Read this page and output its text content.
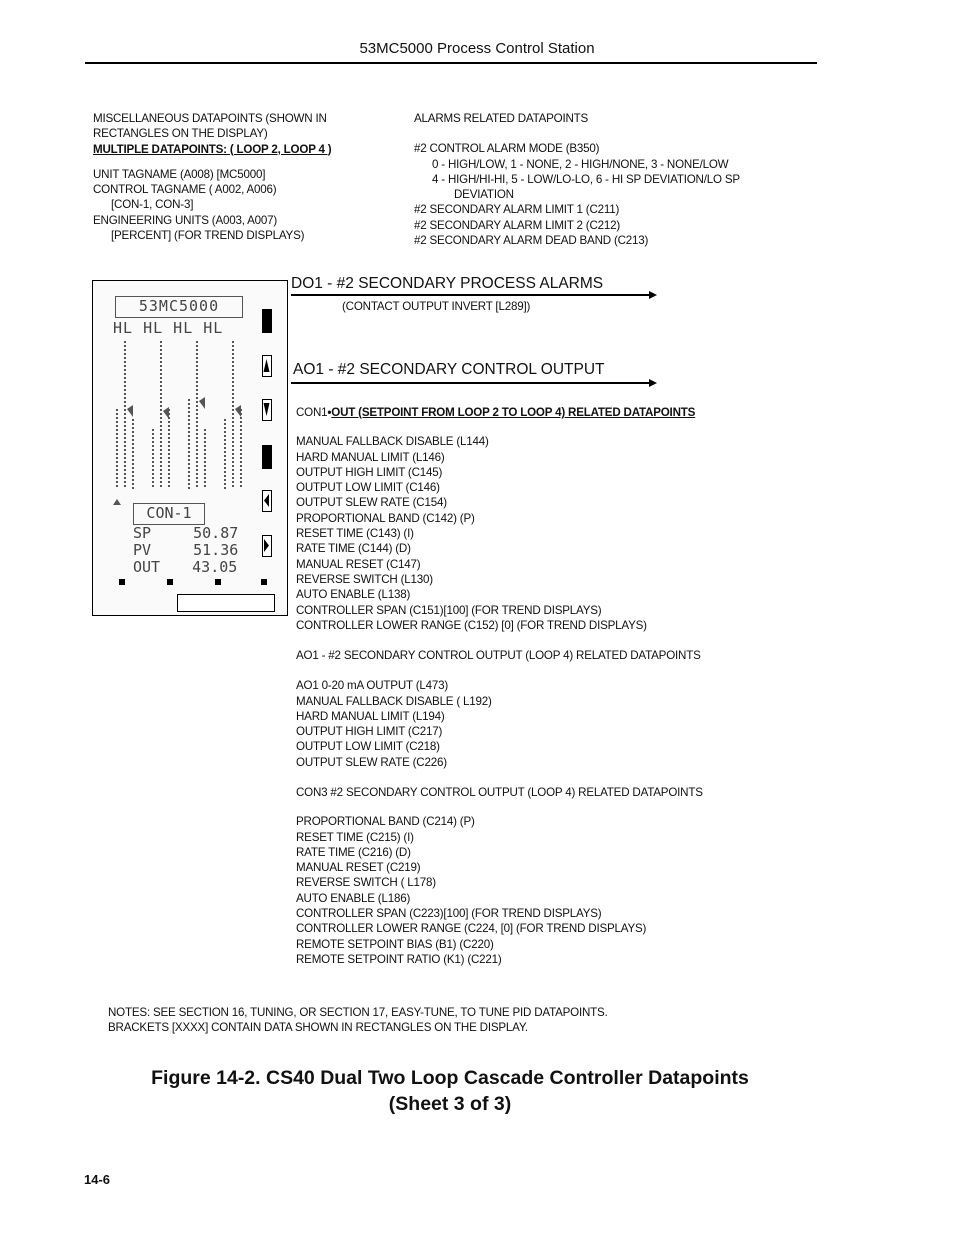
53MC5000 Process Control Station
MISCELLANEOUS DATAPOINTS (SHOWN IN
RECTANGLES ON THE DISPLAY)
MULTIPLE DATAPOINTS: ( LOOP 2, LOOP 4 )
UNIT TAGNAME (A008) [MC5000]
CONTROL TAGNAME ( A002, A006)
[CON-1, CON-3]
ENGINEERING UNITS (A003, A007)
[PERCENT] (FOR TREND DISPLAYS)
ALARMS RELATED DATAPOINTS
#2 CONTROL ALARM MODE (B350)
0 - HIGH/LOW, 1 - NONE, 2 - HIGH/NONE, 3 - NONE/LOW
4 - HIGH/HI-HI, 5 - LOW/LO-LO, 6 - HI SP DEVIATION/LO SP
DEVIATION
#2 SECONDARY ALARM LIMIT 1 (C211)
#2 SECONDARY ALARM LIMIT 2 (C212)
#2 SECONDARY ALARM DEAD BAND (C213)
53MC5000
HL HL HL HL
CON-1
SP	50.87
PV	51.36
OUT 43.05
DO1 - #2 SECONDARY PROCESS ALARMS
(CONTACT OUTPUT INVERT [L289])
AO1 - #2 SECONDARY CONTROL OUTPUT
CON1•OUT (SETPOINT FROM LOOP 2 TO LOOP 4) RELATED DATAPOINTS
MANUAL FALLBACK DISABLE (L144)
HARD MANUAL LIMIT (L146)
OUTPUT HIGH LIMIT (C145)
OUTPUT LOW LIMIT (C146)
OUTPUT SLEW RATE (C154)
PROPORTIONAL BAND (C142) (P)
RESET TIME (C143) (I)
RATE TIME (C144) (D)
MANUAL RESET (C147)
REVERSE SWITCH (L130)
AUTO ENABLE (L138)
CONTROLLER SPAN (C151)[100] (FOR TREND DISPLAYS)
CONTROLLER LOWER RANGE (C152) [0] (FOR TREND DISPLAYS)
AO1 - #2 SECONDARY CONTROL OUTPUT (LOOP 4) RELATED DATAPOINTS
AO1 0-20 mA OUTPUT (L473)
MANUAL FALLBACK DISABLE ( L192)
HARD MANUAL LIMIT (L194)
OUTPUT HIGH LIMIT (C217)
OUTPUT LOW LIMIT (C218)
OUTPUT SLEW RATE (C226)
CON3 #2 SECONDARY CONTROL OUTPUT (LOOP 4) RELATED DATAPOINTS
PROPORTIONAL BAND (C214) (P)
RESET TIME (C215) (I)
RATE TIME (C216) (D)
MANUAL RESET (C219)
REVERSE SWITCH ( L178)
AUTO ENABLE (L186)
CONTROLLER SPAN (C223)[100] (FOR TREND DISPLAYS)
CONTROLLER LOWER RANGE (C224, [0] (FOR TREND DISPLAYS)
REMOTE SETPOINT BIAS (B1) (C220)
REMOTE SETPOINT RATIO (K1) (C221)
NOTES: SEE SECTION 16, TUNING, OR SECTION 17, EASY-TUNE, TO TUNE PID DATAPOINTS.
BRACKETS [XXXX] CONTAIN DATA SHOWN IN RECTANGLES ON THE DISPLAY.
Figure 14-2. CS40 Dual Two Loop Cascade Controller Datapoints
(Sheet 3 of 3)
14-6
